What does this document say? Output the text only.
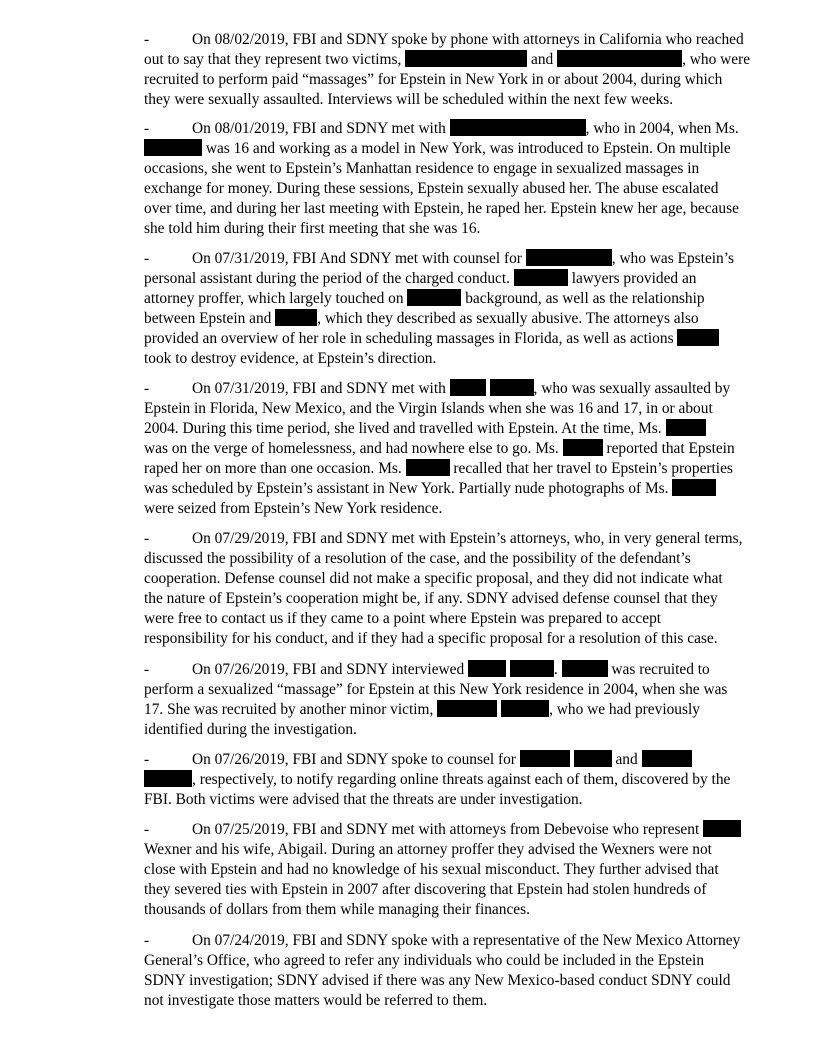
-	On 08/02/2019, FBI and SDNY spoke by phone with attorneys in California who reached
out to say that they represent two victims,	and	, who were
recruited to perform paid “massages” for Epstein in New York in or about 2004, during which
they were sexually assaulted. Interviews will be scheduled within the next few weeks.
-	On 08/01/2019, FBI and SDNY met with	, who in 2004, when Ms.
was 16 and working as a model in New York, was introduced to Epstein. On multiple
occasions, she went to Epstein’s Manhattan residence to engage in sexualized massages in
exchange for money. During these sessions, Epstein sexually abused her. The abuse escalated
over time, and during her last meeting with Epstein, he raped her. Epstein knew her age, because
she told him during their first meeting that she was 16.
-	On 07/31/2019, FBI And SDNY met with counsel for	, who was Epstein’s
personal assistant during the period of the charged conduct.	lawyers provided an
attorney proffer, which largely touched on	background, as well as the relationship
between Epstein and	, which they described as sexually abusive. The attorneys also
provided an overview of her role in scheduling massages in Florida, as well as actions
took to destroy evidence, at Epstein’s direction.
-	On 07/31/2019, FBI and SDNY met with	, who was sexually assaulted by
Epstein in Florida, New Mexico, and the Virgin Islands when she was 16 and 17, in or about
2004. During this time period, she lived and travelled with Epstein. At the time, Ms.
was on the verge of homelessness, and had nowhere else to go. Ms.	reported that Epstein
raped her on more than one occasion. Ms.	recalled that her travel to Epstein’s properties
was scheduled by Epstein’s assistant in New York. Partially nude photographs of Ms.
were seized from Epstein’s New York residence.
-	On 07/29/2019, FBI and SDNY met with Epstein’s attorneys, who, in very general terms,
discussed the possibility of a resolution of the case, and the possibility of the defendant’s
cooperation. Defense counsel did not make a specific proposal, and they did not indicate what
the nature of Epstein’s cooperation might be, if any. SDNY advised defense counsel that they
were free to contact us if they came to a point where Epstein was prepared to accept
responsibility for his conduct, and if they had a specific proposal for a resolution of this case.
-	On 07/26/2019, FBI and SDNY interviewed	.	was recruited to
perform a sexualized “massage” for Epstein at this New York residence in 2004, when she was
17. She was recruited by another minor victim,	, who we had previously
identified during the investigation.
-	On 07/26/2019, FBI and SDNY spoke to counsel for	and
, respectively, to notify regarding online threats against each of them, discovered by the
FBI. Both victims were advised that the threats are under investigation.
-	On 07/25/2019, FBI and SDNY met with attorneys from Debevoise who represent
Wexner and his wife, Abigail. During an attorney proffer they advised the Wexners were not
close with Epstein and had no knowledge of his sexual misconduct. They further advised that
they severed ties with Epstein in 2007 after discovering that Epstein had stolen hundreds of
thousands of dollars from them while managing their finances.
-	On 07/24/2019, FBI and SDNY spoke with a representative of the New Mexico Attorney
General’s Office, who agreed to refer any individuals who could be included in the Epstein
SDNY investigation; SDNY advised if there was any New Mexico-based conduct SDNY could
not investigate those matters would be referred to them.
